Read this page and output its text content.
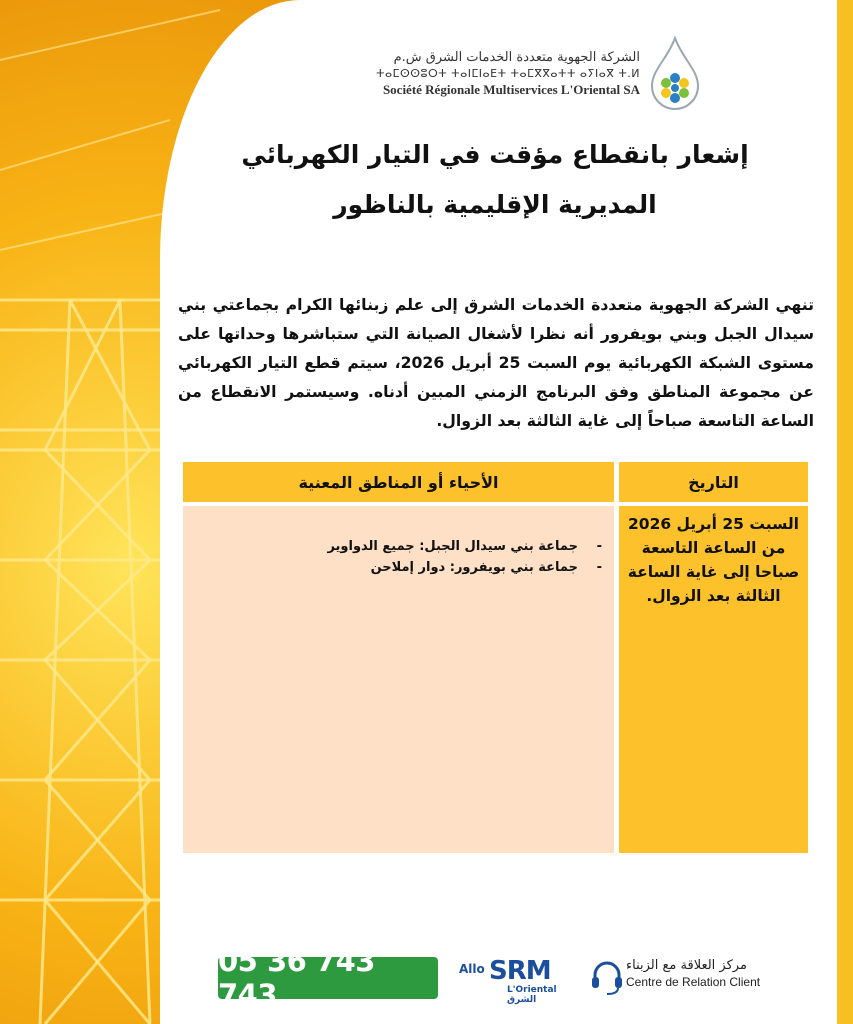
الشركة الجهوية متعددة الخدمات الشرق ش.م
ⵜⴰⵎⵙⵙⵓⵔⵜ ⵜⴰⵏⵎⵏⴰⴹⵜ ⵜⴰⵎⴳⴳⴰⵜⵜ ⴰⵢⵏⴰⴳ ⵜ.ⵍ
Société Régionale Multiservices L'Oriental SA
إشعار بانقطاع مؤقت في التيار الكهربائي
المديرية الإقليمية بالناظور
تنهي الشركة الجهوية متعددة الخدمات الشرق إلى علم زبنائها الكرام بجماعتي بني سيدال الجبل وبني بويفرور أنه نظرا لأشغال الصيانة التي ستباشرها وحداتها على مستوى الشبكة الكهربائية يوم السبت 25 أبريل 2026، سيتم قطع التيار الكهربائي عن مجموعة المناطق وفق البرنامج الزمني المبين أدناه. وسيستمر الانقطاع من الساعة التاسعة صباحاً إلى غاية الثالثة بعد الزوال.
الأحياء أو المناطق المعنية	التاريخ
-
جماعة بني سيدال الجبل: جميع الدواوير
-
جماعة بني بويفرور: دوار إملاحن
السبت 25 أبريل 2026 من الساعة التاسعة صباحا إلى غاية الساعة الثالثة بعد الزوال.
05 36 743 743
Allo SRM
L'Oriental الشرق
مركز العلاقة مع الزبناء
Centre de Relation Client
